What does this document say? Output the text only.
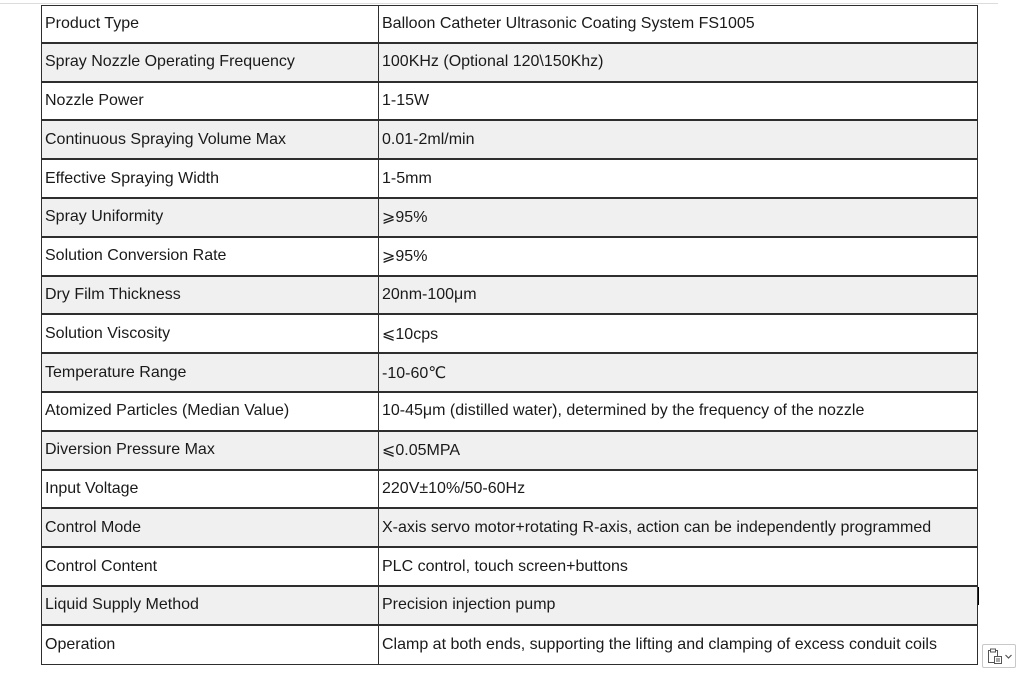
Product Type	Balloon Catheter Ultrasonic Coating System FS1005
Spray Nozzle Operating Frequency	100KHz (Optional 120\150Khz)
Nozzle Power	1-15W
Continuous Spraying Volume Max	0.01-2ml/min
Effective Spraying Width	1-5mm
Spray Uniformity	⩾95%
Solution Conversion Rate	⩾95%
Dry Film Thickness	20nm-100μm
Solution Viscosity	⩽10cps
Temperature Range	-10-60℃
Atomized Particles (Median Value)	10-45μm (distilled water), determined by the frequency of the nozzle
Diversion Pressure Max	⩽0.05MPA
Input Voltage	220V±10%/50-60Hz
Control Mode	X-axis servo motor+rotating R-axis, action can be independently programmed
Control Content	PLC control, touch screen+buttons
Liquid Supply Method	Precision injection pump
Operation	Clamp at both ends, supporting the lifting and clamping of excess conduit coils
